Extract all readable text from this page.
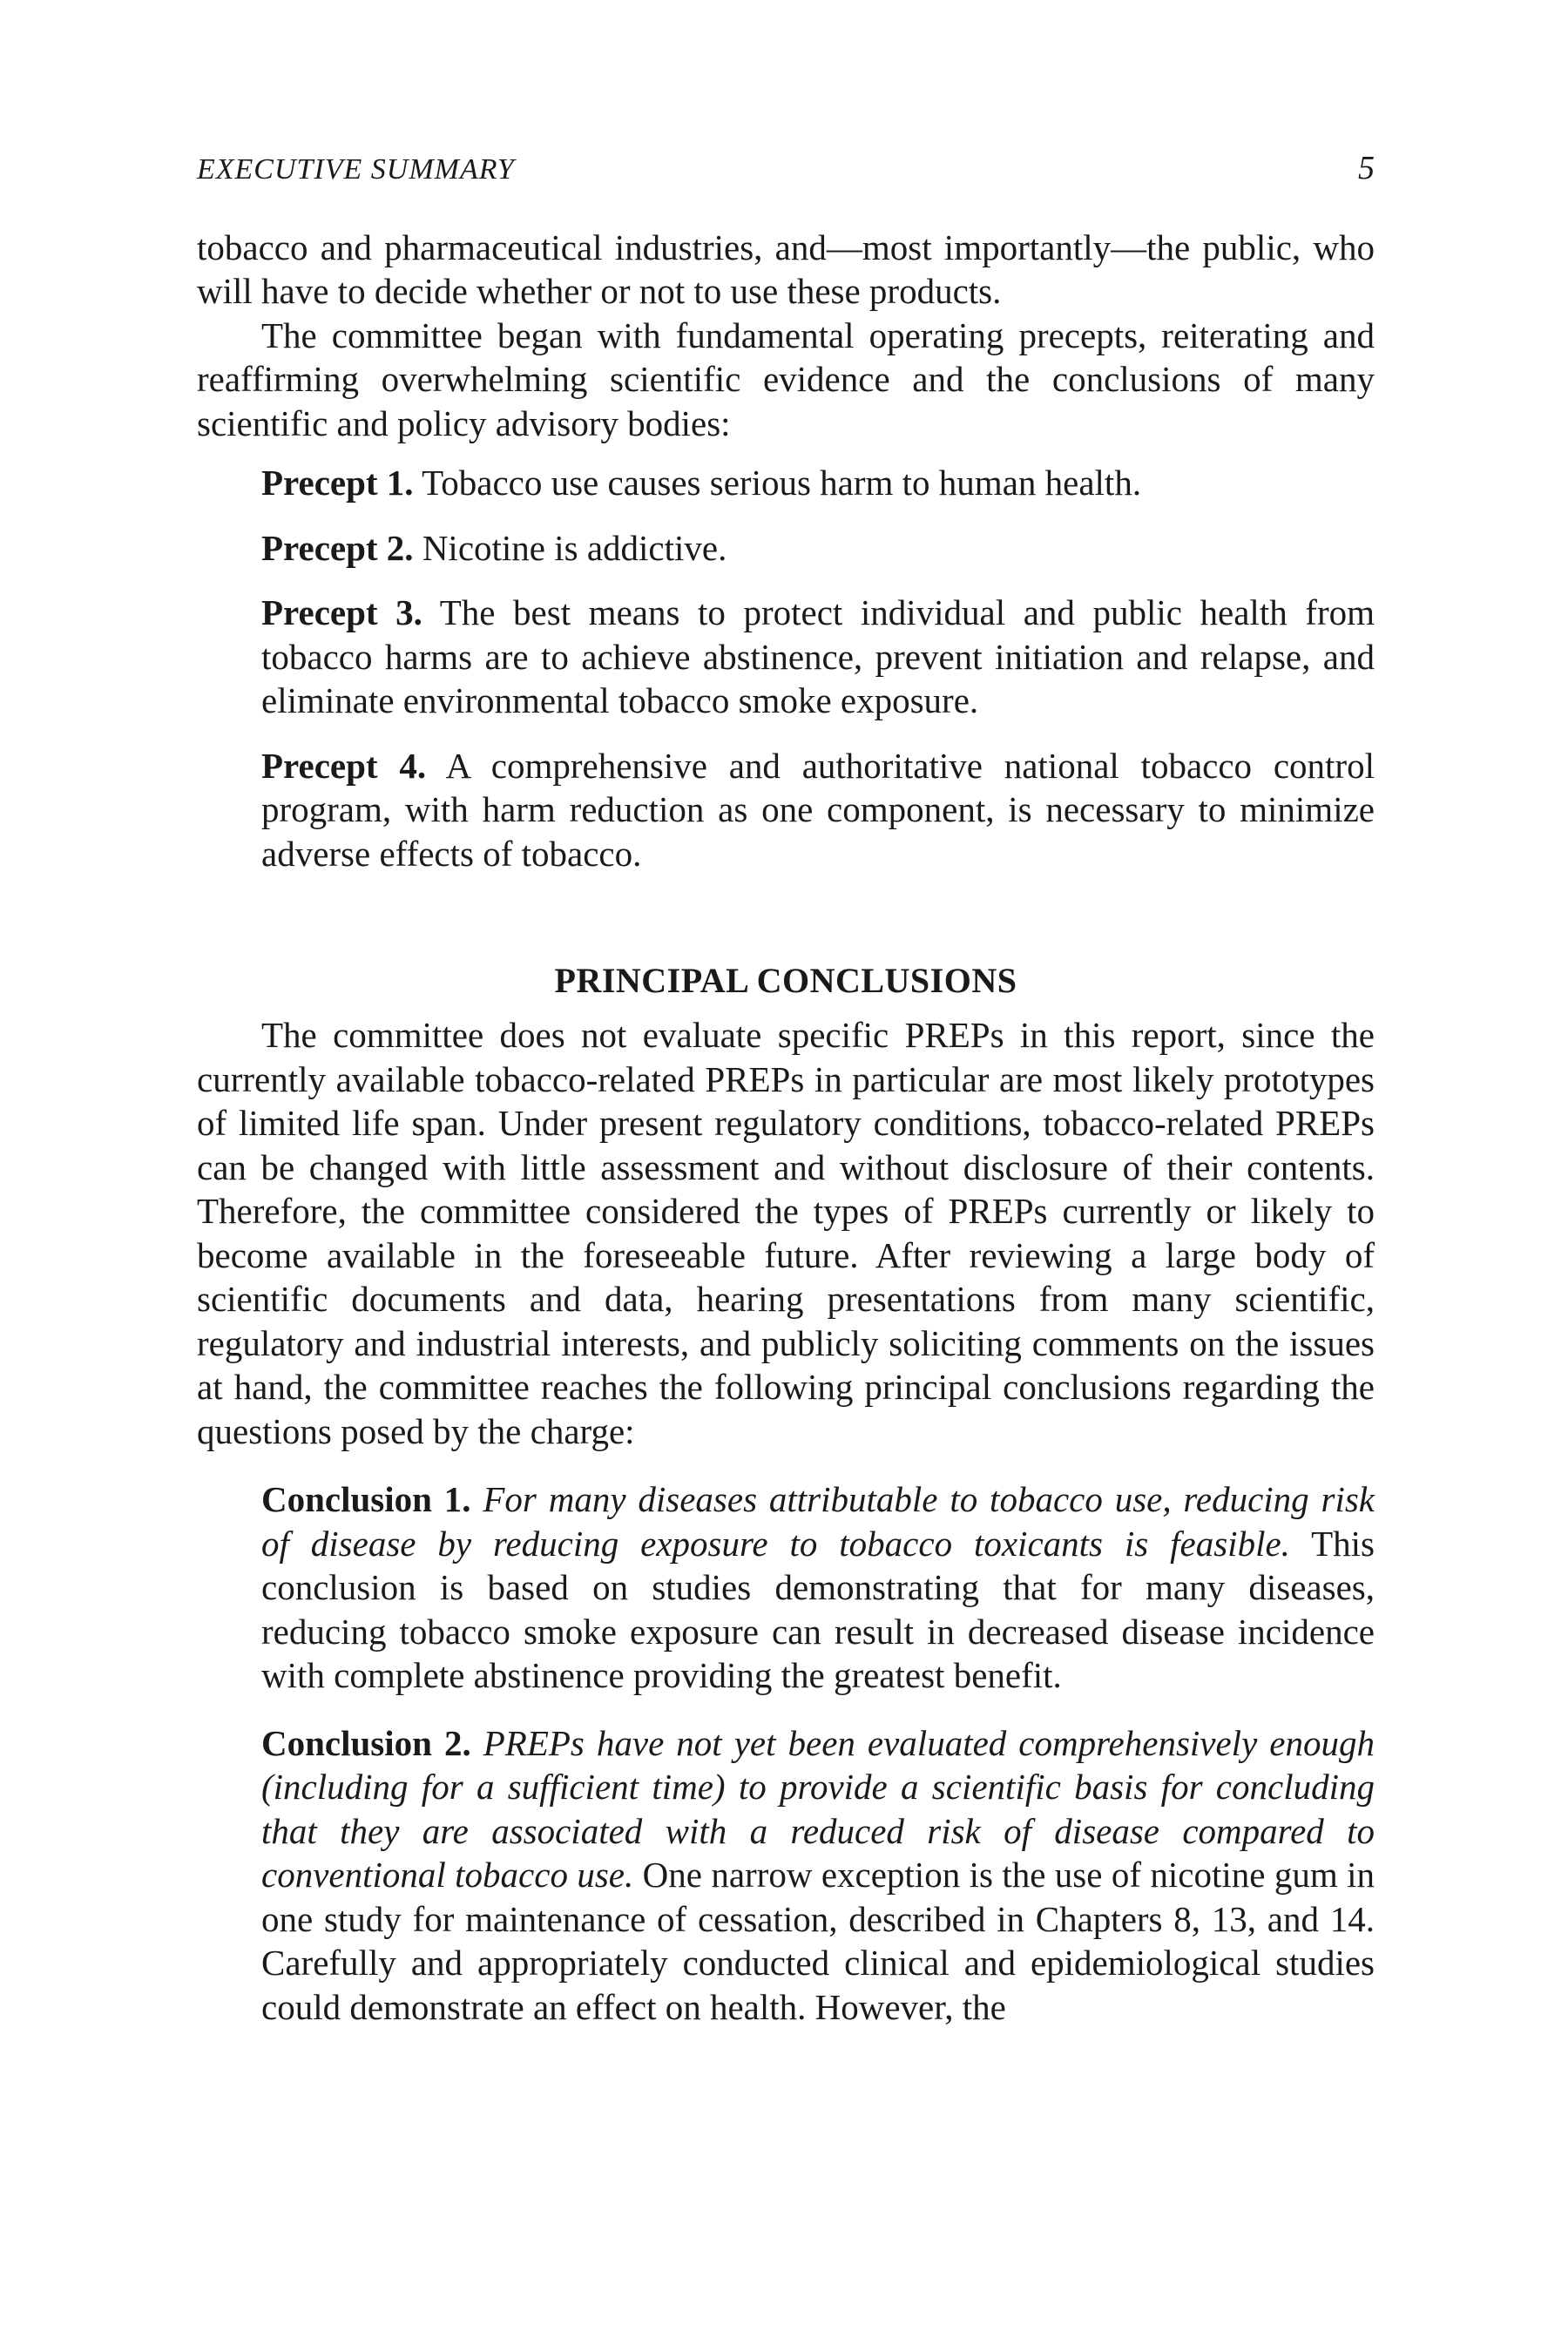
EXECUTIVE SUMMARY	5

tobacco and pharmaceutical industries, and—most importantly—the public, who will have to decide whether or not to use these products.

The committee began with fundamental operating precepts, reiterating and reaffirming overwhelming scientific evidence and the conclusions of many scientific and policy advisory bodies:

Precept 1. Tobacco use causes serious harm to human health.
Precept 2. Nicotine is addictive.
Precept 3. The best means to protect individual and public health from tobacco harms are to achieve abstinence, prevent initiation and relapse, and eliminate environmental tobacco smoke exposure.
Precept 4. A comprehensive and authoritative national tobacco control program, with harm reduction as one component, is necessary to minimize adverse effects of tobacco.
PRINCIPAL CONCLUSIONS

The committee does not evaluate specific PREPs in this report, since the currently available tobacco-related PREPs in particular are most likely prototypes of limited life span. Under present regulatory conditions, tobacco-related PREPs can be changed with little assessment and without disclosure of their contents. Therefore, the committee considered the types of PREPs currently or likely to become available in the foreseeable future. After reviewing a large body of scientific documents and data, hearing presentations from many scientific, regulatory and industrial interests, and publicly soliciting comments on the issues at hand, the committee reaches the following principal conclusions regarding the questions posed by the charge:

Conclusion 1. For many diseases attributable to tobacco use, reducing risk of disease by reducing exposure to tobacco toxicants is feasible. This conclusion is based on studies demonstrating that for many diseases, reducing tobacco smoke exposure can result in decreased disease incidence with complete abstinence providing the greatest benefit.
Conclusion 2. PREPs have not yet been evaluated comprehensively enough (including for a sufficient time) to provide a scientific basis for concluding that they are associated with a reduced risk of disease compared to conventional tobacco use. One narrow exception is the use of nicotine gum in one study for maintenance of cessation, described in Chapters 8, 13, and 14. Carefully and appropriately conducted clinical and epidemiological studies could demonstrate an effect on health. However, the
